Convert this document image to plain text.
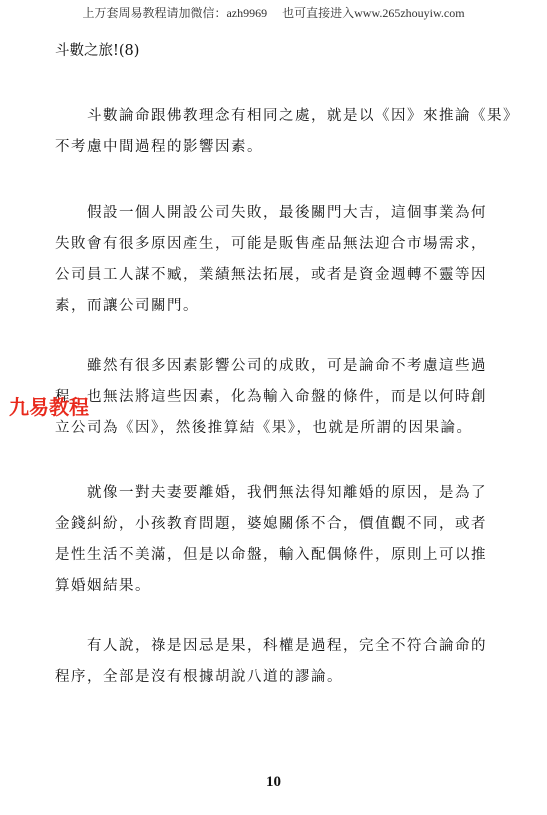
上万套周易教程请加微信：azh9969　 也可直接进入www.265zhouyiw.com
斗數之旅!(8)
　　斗數論命跟佛教理念有相同之處，就是以《因》來推論《果》
不考慮中間過程的影響因素。
　　假設一個人開設公司失敗，最後關門大吉，這個事業為何
失敗會有很多原因產生，可能是販售產品無法迎合市場需求，
公司員工人謀不臧，業績無法拓展，或者是資金週轉不靈等因
素，而讓公司關門。
　　雖然有很多因素影響公司的成敗，可是論命不考慮這些過
程，也無法將這些因素，化為輸入命盤的條件，而是以何時創
立公司為《因》，然後推算結《果》，也就是所謂的因果論。
　　就像一對夫妻要離婚，我們無法得知離婚的原因，是為了
金錢糾紛，小孩教育問題，婆媳關係不合，價值觀不同，或者
是性生活不美滿，但是以命盤，輸入配偶條件，原則上可以推
算婚姻結果。
　　有人說，祿是因忌是果，科權是過程，完全不符合論命的
程序，全部是沒有根據胡說八道的謬論。
九易教程
10
